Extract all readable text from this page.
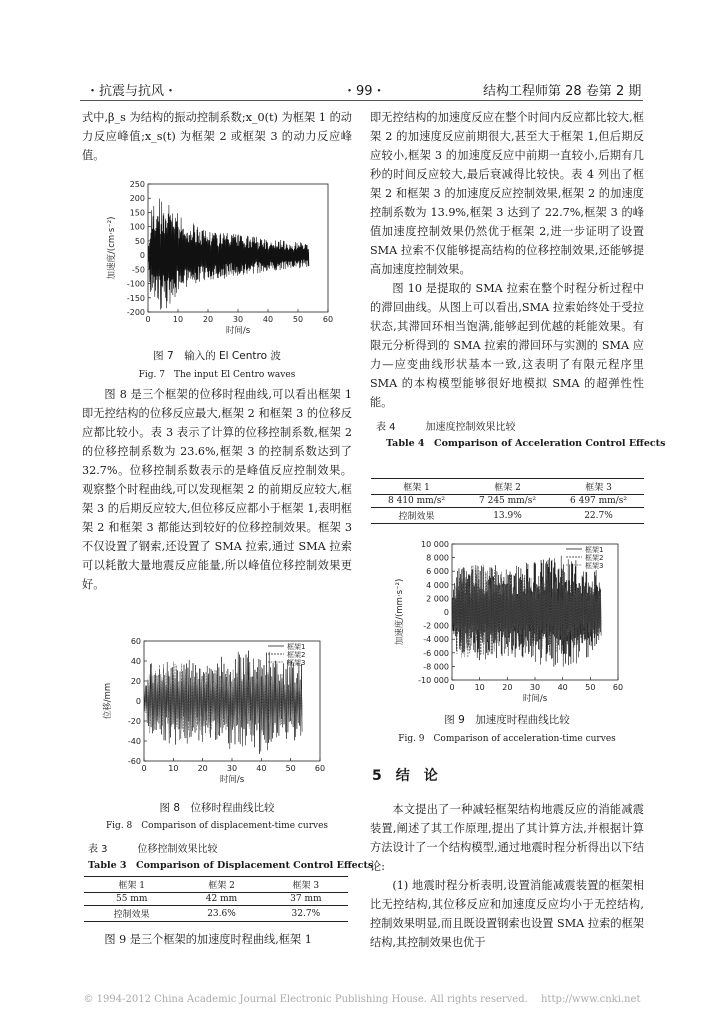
・抗震与抗风・	・99・	结构工程师第 28 卷第 2 期

式中,β_s 为结构的振动控制系数;x_0(t) 为框架 1 的动力反应峰值;x_s(t) 为框架 2 或框架 3 的动力反应峰值。

250
200
150
100
50
0
-50
-100
-150
-200
0	10 20 30 40 50 60
时间/s
加速度/(cm·s⁻²)
图 7　输入的 El Centro 波
Fig. 7　The input El Centro waves

图 8 是三个框架的位移时程曲线,可以看出框架 1 即无控结构的位移反应最大,框架 2 和框架 3 的位移反应都比较小。表 3 表示了计算的位移控制系数,框架 2 的位移控制系数为 23.6%,框架 3 的控制系数达到了 32.7%。位移控制系数表示的是峰值反应控制效果。观察整个时程曲线,可以发现框架 2 的前期反应较大,框架 3 的后期反应较大,但位移反应都小于框架 1,表明框架 2 和框架 3 都能达到较好的位移控制效果。框架 3 不仅设置了钢索,还设置了 SMA 拉索,通过 SMA 拉索可以耗散大量地震反应能量,所以峰值位移控制效果更好。

60
40
20
0
-20
-40
-60
0	10 20 30 40 50 60
时间/s
位移/mm
框架1
框架2
框架3
图 8　位移时程曲线比较
Fig. 8　Comparison of displacement-time curves
表 3　　　位移控制效果比较
Table 3　Comparison of Displacement Control Effects
框架 1	框架 2	框架 3
55 mm	42 mm	37 mm
控制效果	23.6%	32.7%

图 9 是三个框架的加速度时程曲线,框架 1

即无控结构的加速度反应在整个时间内反应都比较大,框架 2 的加速度反应前期很大,甚至大于框架 1,但后期反应较小,框架 3 的加速度反应中前期一直较小,后期有几秒的时间反应较大,最后衰减得比较快。表 4 列出了框架 2 和框架 3 的加速度反应控制效果,框架 2 的加速度控制系数为 13.9%,框架 3 达到了 22.7%,框架 3 的峰值加速度控制效果仍然优于框架 2,进一步证明了设置 SMA 拉索不仅能够提高结构的位移控制效果,还能够提高加速度控制效果。

图 10 是提取的 SMA 拉索在整个时程分析过程中的滞回曲线。从图上可以看出,SMA 拉索始终处于受拉状态,其滞回环相当饱满,能够起到优越的耗能效果。有限元分析得到的 SMA 拉索的滞回环与实测的 SMA 应力—应变曲线形状基本一致,这表明了有限元程序里 SMA 的本构模型能够很好地模拟 SMA 的超弹性性能。

表 4　　　加速度控制效果比较
Table 4　Comparison of Acceleration Control Effects
框架 1	框架 2	框架 3
8 410 mm/s²	7 245 mm/s²	6 497 mm/s²
控制效果	13.9%	22.7%
10 000
8 000
6 000
4 000
2 000
0
-2 000
-4 000
-6 000
-8 000
-10 000
0	10 20 30 40 50 60
时间/s
加速度/(mm·s⁻²)
框架1
框架2
框架3
图 9　加速度时程曲线比较
Fig. 9　Comparison of acceleration-time curves
5　结　论

本文提出了一种减轻框架结构地震反应的消能减震装置,阐述了其工作原理,提出了其计算方法,并根据计算方法设计了一个结构模型,通过地震时程分析得出以下结论:

(1) 地震时程分析表明,设置消能减震装置的框架相比无控结构,其位移反应和加速度反应均小于无控结构,控制效果明显,而且既设置钢索也设置 SMA 拉索的框架结构,其控制效果也优于

© 1994-2012 China Academic Journal Electronic Publishing House. All rights reserved.　 http://www.cnki.net
